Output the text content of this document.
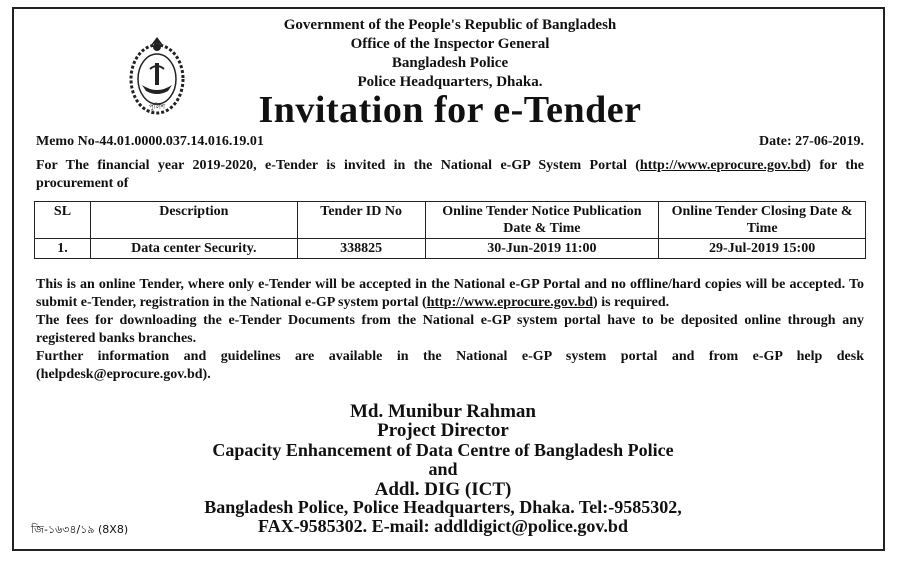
Government of the People's Republic of Bangladesh
Office of the Inspector General
Bangladesh Police
Police Headquarters, Dhaka.
পুলিশ	Invitation for e-Tender
Memo No-44.01.0000.037.14.016.19.01	Date: 27-06-2019.
For The financial year 2019-2020, e-Tender is invited in the National e-GP System Portal (http://www.eprocure.gov.bd) for the procurement of
SL	Description	Tender ID No	Online Tender Notice Publication Date & Time	Online Tender Closing Date & Time
1.	Data center Security.	338825	30-Jun-2019 11:00	29-Jul-2019 15:00

This is an online Tender, where only e-Tender will be accepted in the National e-GP Portal and no offline/hard copies will be accepted. To submit e-Tender, registration in the National e-GP system portal (http://www.eprocure.gov.bd) is required.

The fees for downloading the e-Tender Documents from the National e-GP system portal have to be deposited online through any registered banks branches.

Further information and guidelines are available in the National e-GP system portal and from e-GP help desk (helpdesk@eprocure.gov.bd).

Md. Munibur Rahman
Project Director
Capacity Enhancement of Data Centre of Bangladesh Police
and
Addl. DIG (ICT)
Bangladesh Police, Police Headquarters, Dhaka. Tel:-9585302,
FAX-9585302. E-mail: addldigict@police.gov.bd
জি-১৬৩৪/১৯ (8X8)
